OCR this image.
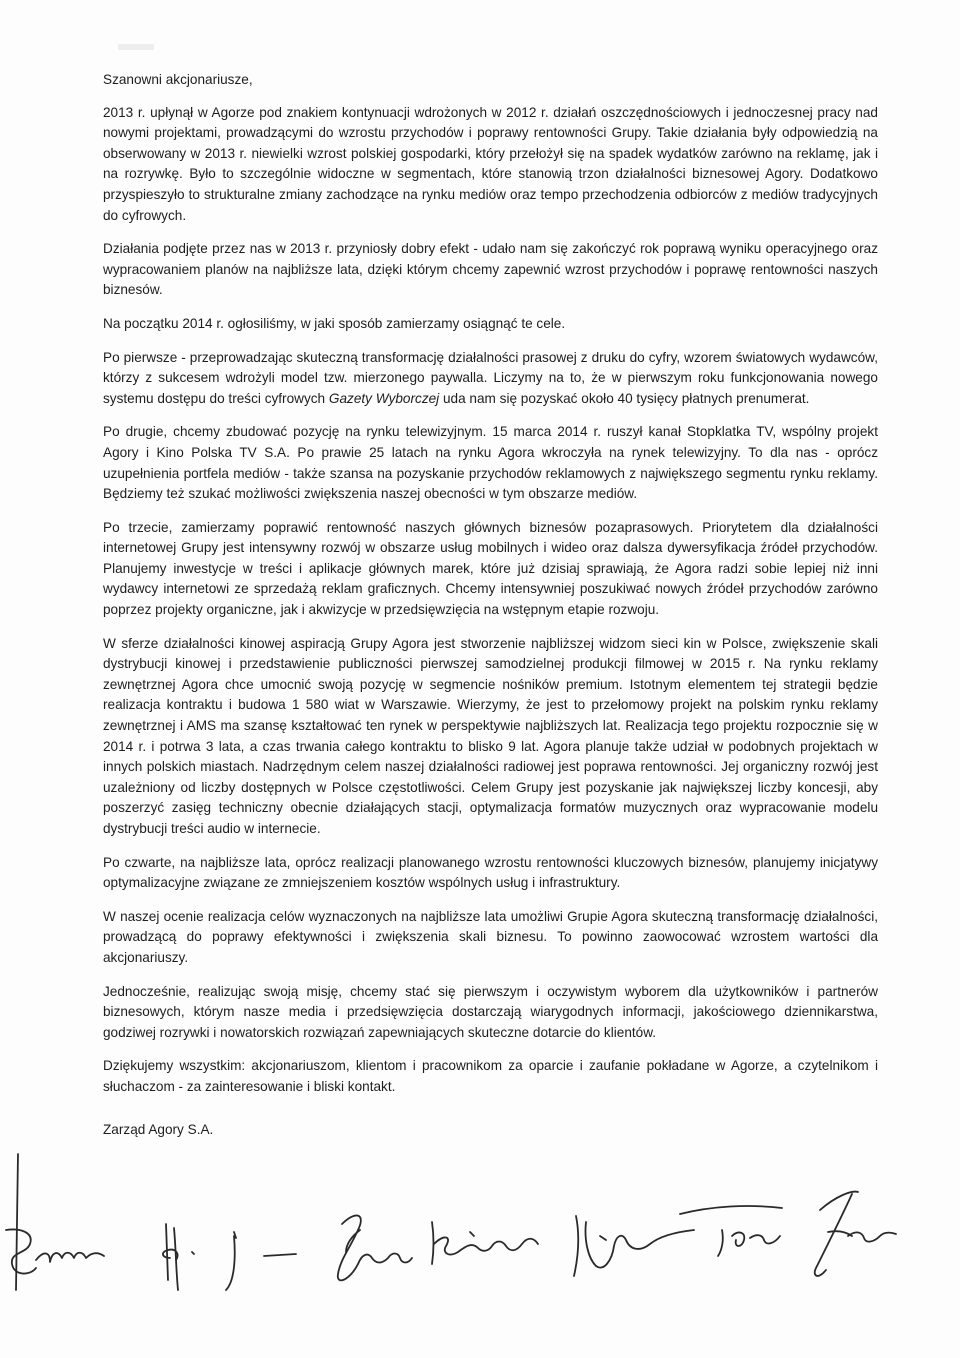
Szanowni akcjonariusze,

2013 r. upłynął w Agorze pod znakiem kontynuacji wdrożonych w 2012 r. działań oszczędnościowych i jednoczesnej pracy nad nowymi projektami, prowadzącymi do wzrostu przychodów i poprawy rentowności Grupy. Takie działania były odpowiedzią na obserwowany w 2013 r. niewielki wzrost polskiej gospodarki, który przełożył się na spadek wydatków zarówno na reklamę, jak i na rozrywkę. Było to szczególnie widoczne w segmentach, które stanowią trzon działalności biznesowej Agory. Dodatkowo przyspieszyło to strukturalne zmiany zachodzące na rynku mediów oraz tempo przechodzenia odbiorców z mediów tradycyjnych do cyfrowych.

Działania podjęte przez nas w 2013 r. przyniosły dobry efekt - udało nam się zakończyć rok poprawą wyniku operacyjnego oraz wypracowaniem planów na najbliższe lata, dzięki którym chcemy zapewnić wzrost przychodów i poprawę rentowności naszych biznesów.

Na początku 2014 r. ogłosiliśmy, w jaki sposób zamierzamy osiągnąć te cele.

Po pierwsze - przeprowadzając skuteczną transformację działalności prasowej z druku do cyfry, wzorem światowych wydawców, którzy z sukcesem wdrożyli model tzw. mierzonego paywalla. Liczymy na to, że w pierwszym roku funkcjonowania nowego systemu dostępu do treści cyfrowych Gazety Wyborczej uda nam się pozyskać około 40 tysięcy płatnych prenumerat.

Po drugie, chcemy zbudować pozycję na rynku telewizyjnym. 15 marca 2014 r. ruszył kanał Stopklatka TV, wspólny projekt Agory i Kino Polska TV S.A. Po prawie 25 latach na rynku Agora wkroczyła na rynek telewizyjny. To dla nas - oprócz uzupełnienia portfela mediów - także szansa na pozyskanie przychodów reklamowych z największego segmentu rynku reklamy. Będziemy też szukać możliwości zwiększenia naszej obecności w tym obszarze mediów.

Po trzecie, zamierzamy poprawić rentowność naszych głównych biznesów pozaprasowych. Priorytetem dla działalności internetowej Grupy jest intensywny rozwój w obszarze usług mobilnych i wideo oraz dalsza dywersyfikacja źródeł przychodów. Planujemy inwestycje w treści i aplikacje głównych marek, które już dzisiaj sprawiają, że Agora radzi sobie lepiej niż inni wydawcy internetowi ze sprzedażą reklam graficznych. Chcemy intensywniej poszukiwać nowych źródeł przychodów zarówno poprzez projekty organiczne, jak i akwizycje w przedsięwzięcia na wstępnym etapie rozwoju.

W sferze działalności kinowej aspiracją Grupy Agora jest stworzenie najbliższej widzom sieci kin w Polsce, zwiększenie skali dystrybucji kinowej i przedstawienie publiczności pierwszej samodzielnej produkcji filmowej w 2015 r. Na rynku reklamy zewnętrznej Agora chce umocnić swoją pozycję w segmencie nośników premium. Istotnym elementem tej strategii będzie realizacja kontraktu i budowa 1 580 wiat w Warszawie. Wierzymy, że jest to przełomowy projekt na polskim rynku reklamy zewnętrznej i AMS ma szansę kształtować ten rynek w perspektywie najbliższych lat. Realizacja tego projektu rozpocznie się w 2014 r. i potrwa 3 lata, a czas trwania całego kontraktu to blisko 9 lat. Agora planuje także udział w podobnych projektach w innych polskich miastach. Nadrzędnym celem naszej działalności radiowej jest poprawa rentowności. Jej organiczny rozwój jest uzależniony od liczby dostępnych w Polsce częstotliwości. Celem Grupy jest pozyskanie jak największej liczby koncesji, aby poszerzyć zasięg techniczny obecnie działających stacji, optymalizacja formatów muzycznych oraz wypracowanie modelu dystrybucji treści audio w internecie.

Po czwarte, na najbliższe lata, oprócz realizacji planowanego wzrostu rentowności kluczowych biznesów, planujemy inicjatywy optymalizacyjne związane ze zmniejszeniem kosztów wspólnych usług i infrastruktury.

W naszej ocenie realizacja celów wyznaczonych na najbliższe lata umożliwi Grupie Agora skuteczną transformację działalności, prowadzącą do poprawy efektywności i zwiększenia skali biznesu. To powinno zaowocować wzrostem wartości dla akcjonariuszy.

Jednocześnie, realizując swoją misję, chcemy stać się pierwszym i oczywistym wyborem dla użytkowników i partnerów biznesowych, którym nasze media i przedsięwzięcia dostarczają wiarygodnych informacji, jakościowego dziennikarstwa, godziwej rozrywki i nowatorskich rozwiązań zapewniających skuteczne dotarcie do klientów.

Dziękujemy wszystkim: akcjonariuszom, klientom i pracownikom za oparcie i zaufanie pokładane w Agorze, a czytelnikom i słuchaczom - za zainteresowanie i bliski kontakt.

Zarząd Agory S.A.
